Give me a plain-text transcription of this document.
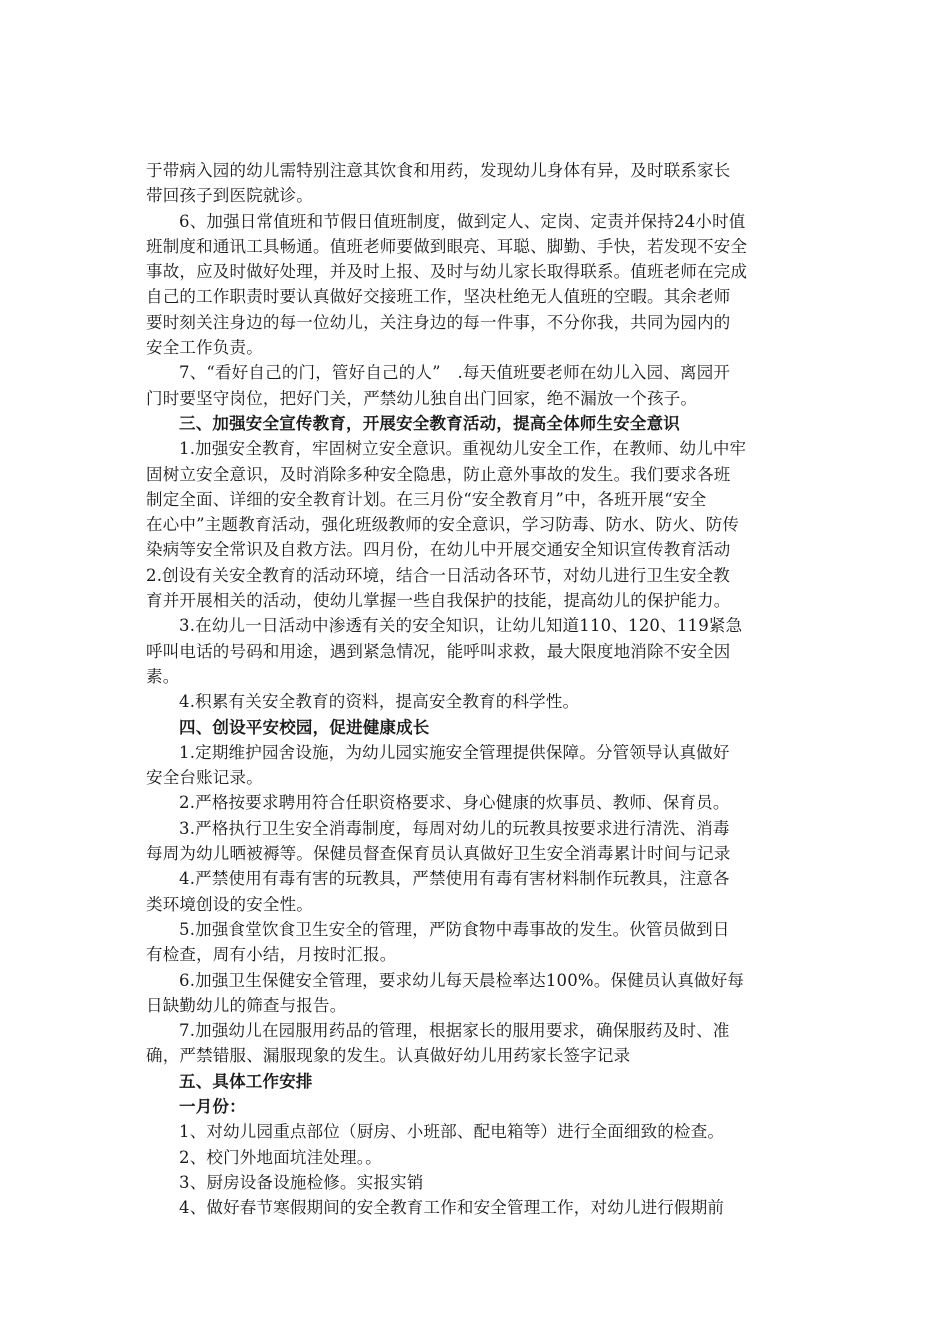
于带病入园的幼儿需特别注意其饮食和用药，发现幼儿身体有异，及时联系家长
带回孩子到医院就诊。
6、加强日常值班和节假日值班制度，做到定人、定岗、定责并保持24小时值
班制度和通讯工具畅通。值班老师要做到眼亮、耳聪、脚勤、手快，若发现不安全
事故，应及时做好处理，并及时上报、及时与幼儿家长取得联系。值班老师在完成
自己的工作职责时要认真做好交接班工作，坚决杜绝无人值班的空暇。其余老师
要时刻关注身边的每一位幼儿，关注身边的每一件事，不分你我，共同为园内的
安全工作负责。
7、“看好自己的门，管好自己的人”　.每天值班要老师在幼儿入园、离园开
门时要坚守岗位，把好门关，严禁幼儿独自出门回家，绝不漏放一个孩子。
三、加强安全宣传教育，开展安全教育活动，提高全体师生安全意识
1.加强安全教育，牢固树立安全意识。重视幼儿安全工作，在教师、幼儿中牢
固树立安全意识，及时消除多种安全隐患，防止意外事故的发生。我们要求各班
制定全面、详细的安全教育计划。在三月份“安全教育月”中，各班开展“安全
在心中”主题教育活动，强化班级教师的安全意识，学习防毒、防水、防火、防传
染病等安全常识及自救方法。四月份，在幼儿中开展交通安全知识宣传教育活动
2.创设有关安全教育的活动环境，结合一日活动各环节，对幼儿进行卫生安全教
育并开展相关的活动，使幼儿掌握一些自我保护的技能，提高幼儿的保护能力。
3.在幼儿一日活动中渗透有关的安全知识，让幼儿知道110、120、119紧急
呼叫电话的号码和用途，遇到紧急情况，能呼叫求救，最大限度地消除不安全因
素。
4.积累有关安全教育的资料，提高安全教育的科学性。
四、创设平安校园，促进健康成长
1.定期维护园舍设施，为幼儿园实施安全管理提供保障。分管领导认真做好
安全台账记录。
2.严格按要求聘用符合任职资格要求、身心健康的炊事员、教师、保育员。
3.严格执行卫生安全消毒制度，每周对幼儿的玩教具按要求进行清洗、消毒
每周为幼儿晒被褥等。保健员督查保育员认真做好卫生安全消毒累计时间与记录
4.严禁使用有毒有害的玩教具，严禁使用有毒有害材料制作玩教具，注意各
类环境创设的安全性。
5.加强食堂饮食卫生安全的管理，严防食物中毒事故的发生。伙管员做到日
有检查，周有小结，月按时汇报。
6.加强卫生保健安全管理，要求幼儿每天晨检率达100%。保健员认真做好每
日缺勤幼儿的筛查与报告。
7.加强幼儿在园服用药品的管理，根据家长的服用要求，确保服药及时、准
确，严禁错服、漏服现象的发生。认真做好幼儿用药家长签字记录
五、具体工作安排
一月份：
1、对幼儿园重点部位（厨房、小班部、配电箱等）进行全面细致的检查。
2、校门外地面坑洼处理。。
3、厨房设备设施检修。实报实销
4、做好春节寒假期间的安全教育工作和安全管理工作，对幼儿进行假期前
